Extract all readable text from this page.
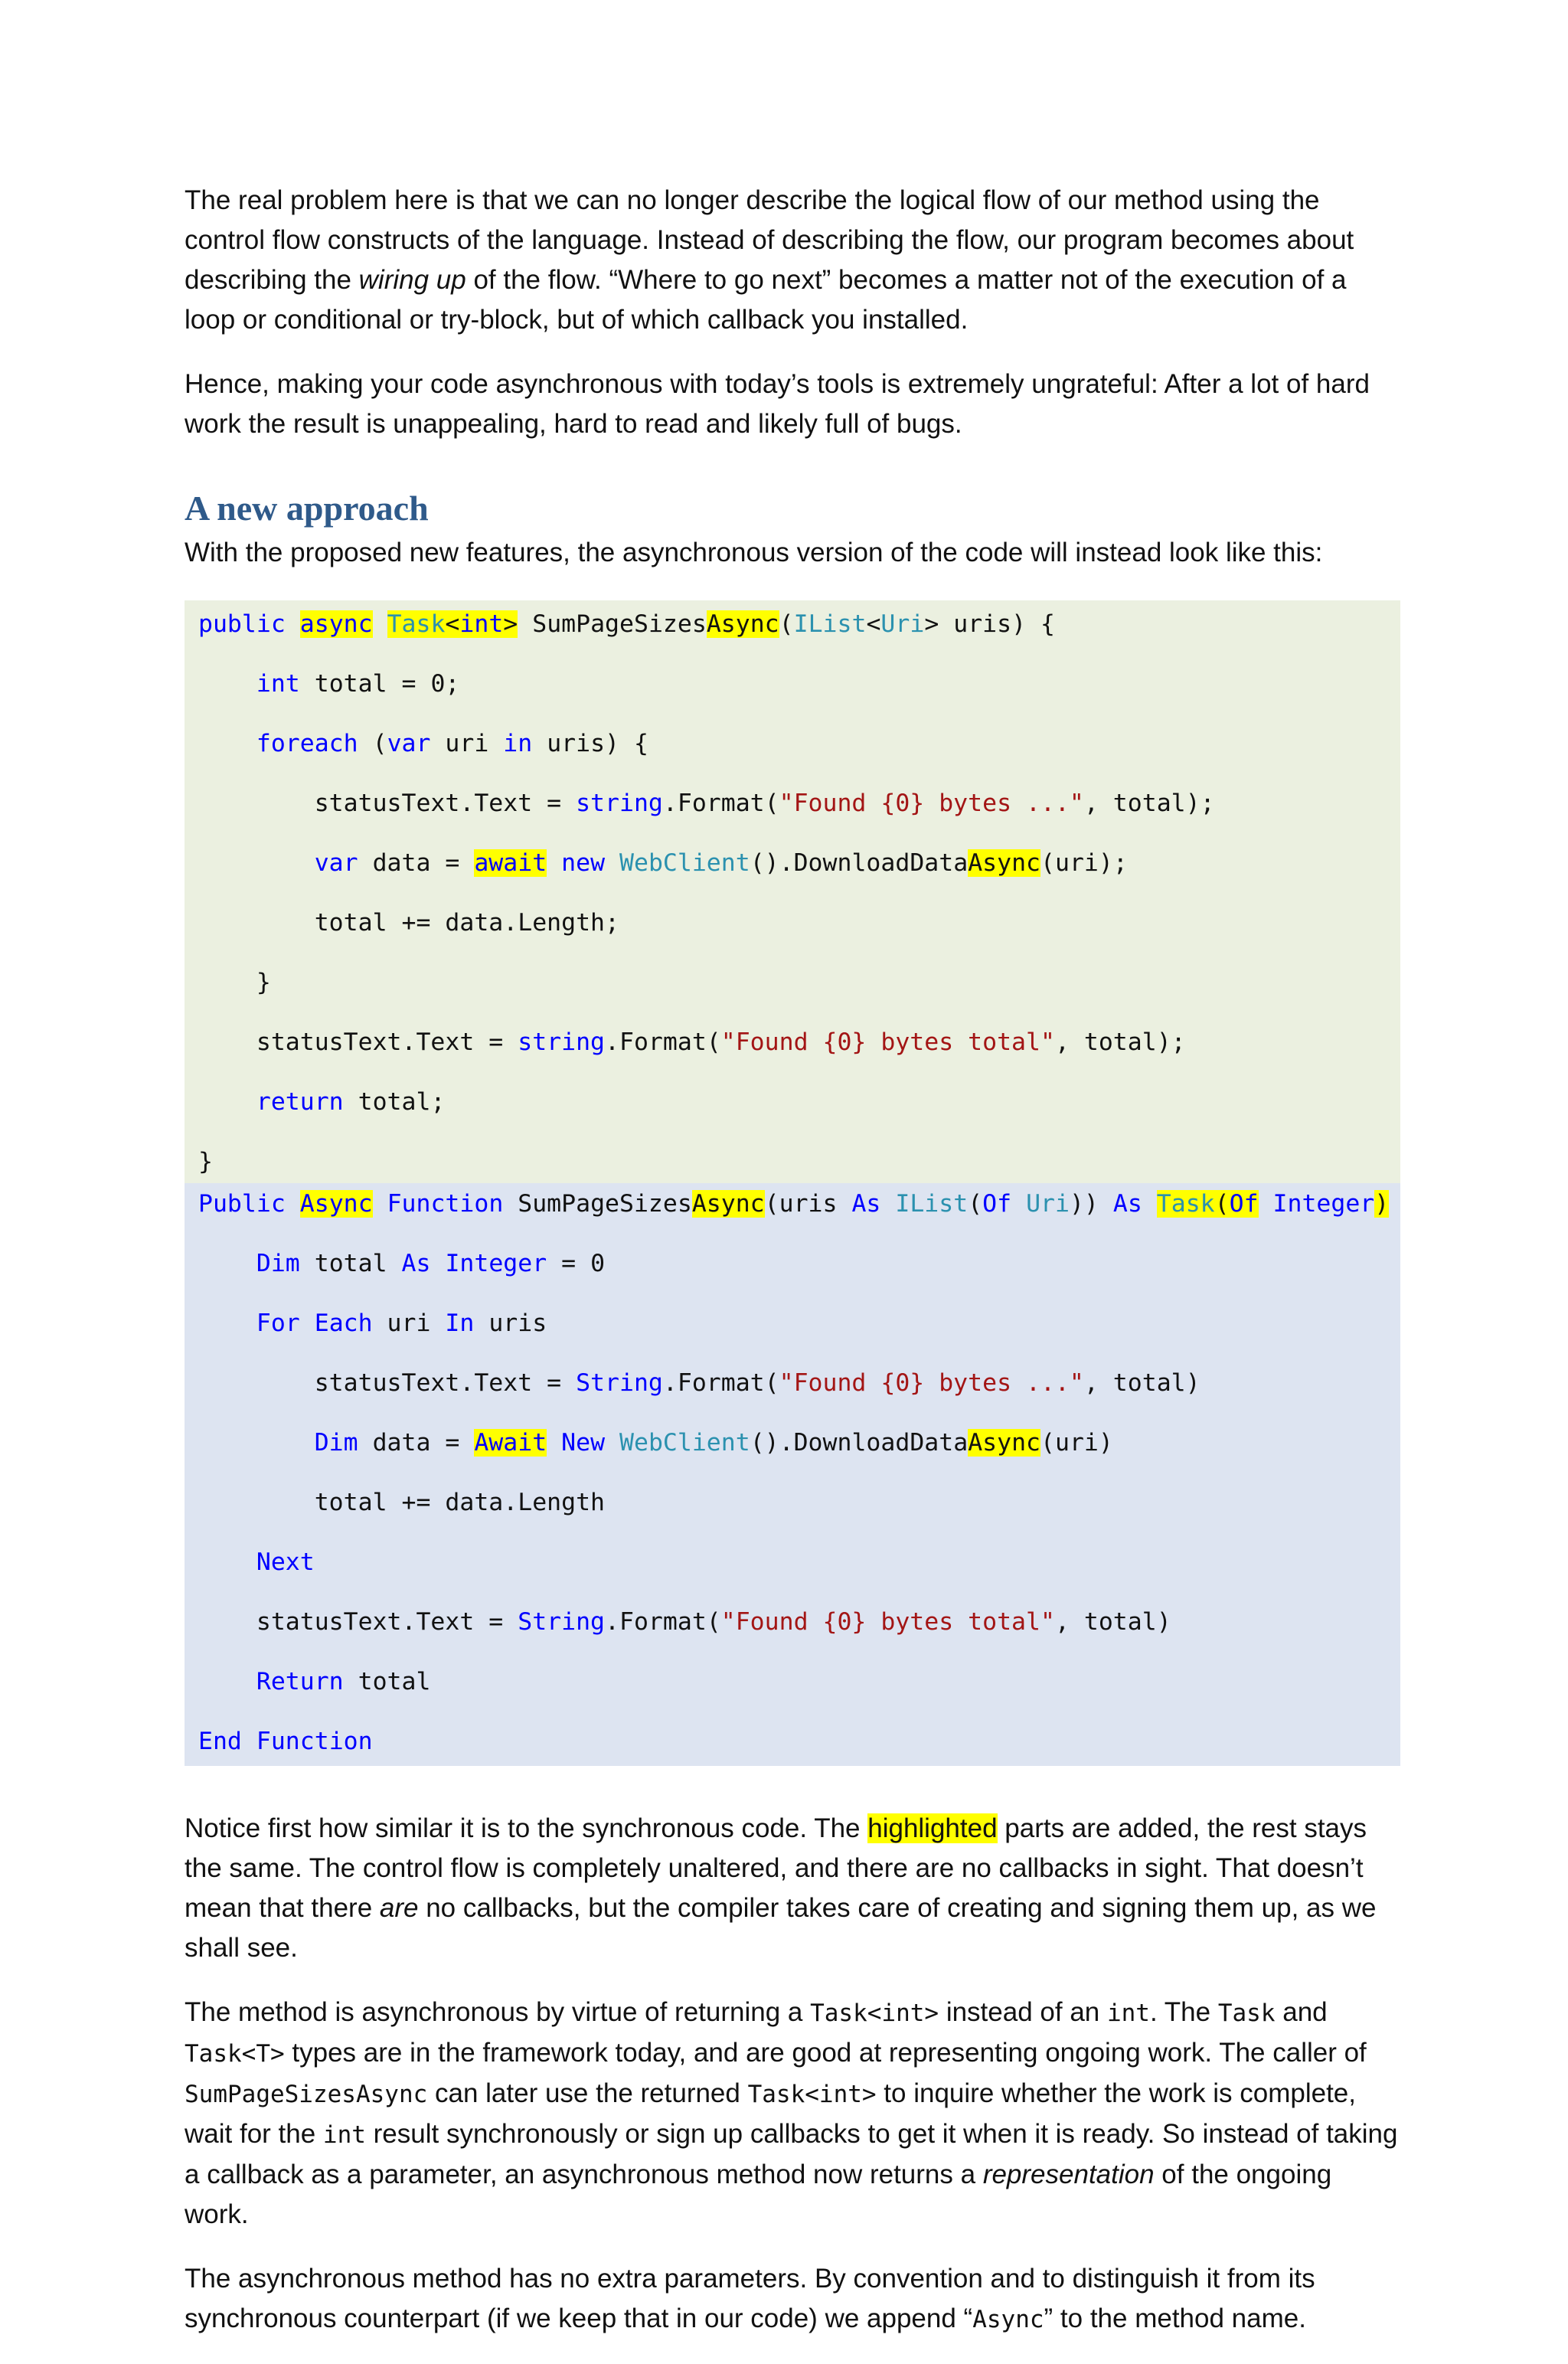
The real problem here is that we can no longer describe the logical flow of our method using the control flow constructs of the language. Instead of describing the flow, our program becomes about describing the wiring up of the flow. “Where to go next” becomes a matter not of the execution of a loop or conditional or try-block, but of which callback you installed.

Hence, making your code asynchronous with today’s tools is extremely ungrateful: After a lot of hard work the result is unappealing, hard to read and likely full of bugs.

A new approach

With the proposed new features, the asynchronous version of the code will instead look like this:

public async Task<int> SumPageSizesAsync(IList<Uri> uris) {

int total = 0;

foreach (var uri in uris) {

statusText.Text = string.Format("Found {0} bytes ...", total);

var data = await new WebClient().DownloadDataAsync(uri);

total += data.Length;

}

statusText.Text = string.Format("Found {0} bytes total", total);

return total;

}
Public Async Function SumPageSizesAsync(uris As IList(Of Uri)) As Task(Of Integer)

Dim total As Integer = 0

For Each uri In uris

statusText.Text = String.Format("Found {0} bytes ...", total)

Dim data = Await New WebClient().DownloadDataAsync(uri)

total += data.Length

Next

statusText.Text = String.Format("Found {0} bytes total", total)

Return total

End Function

Notice first how similar it is to the synchronous code. The highlighted parts are added, the rest stays the same. The control flow is completely unaltered, and there are no callbacks in sight. That doesn’t mean that there are no callbacks, but the compiler takes care of creating and signing them up, as we shall see.

The method is asynchronous by virtue of returning a Task<int> instead of an int. The Task and Task<T> types are in the framework today, and are good at representing ongoing work. The caller of SumPageSizesAsync can later use the returned Task<int> to inquire whether the work is complete, wait for the int result synchronously or sign up callbacks to get it when it is ready. So instead of taking a callback as a parameter, an asynchronous method now returns a representation of the ongoing work.

The asynchronous method has no extra parameters. By convention and to distinguish it from its synchronous counterpart (if we keep that in our code) we append “Async” to the method name.
